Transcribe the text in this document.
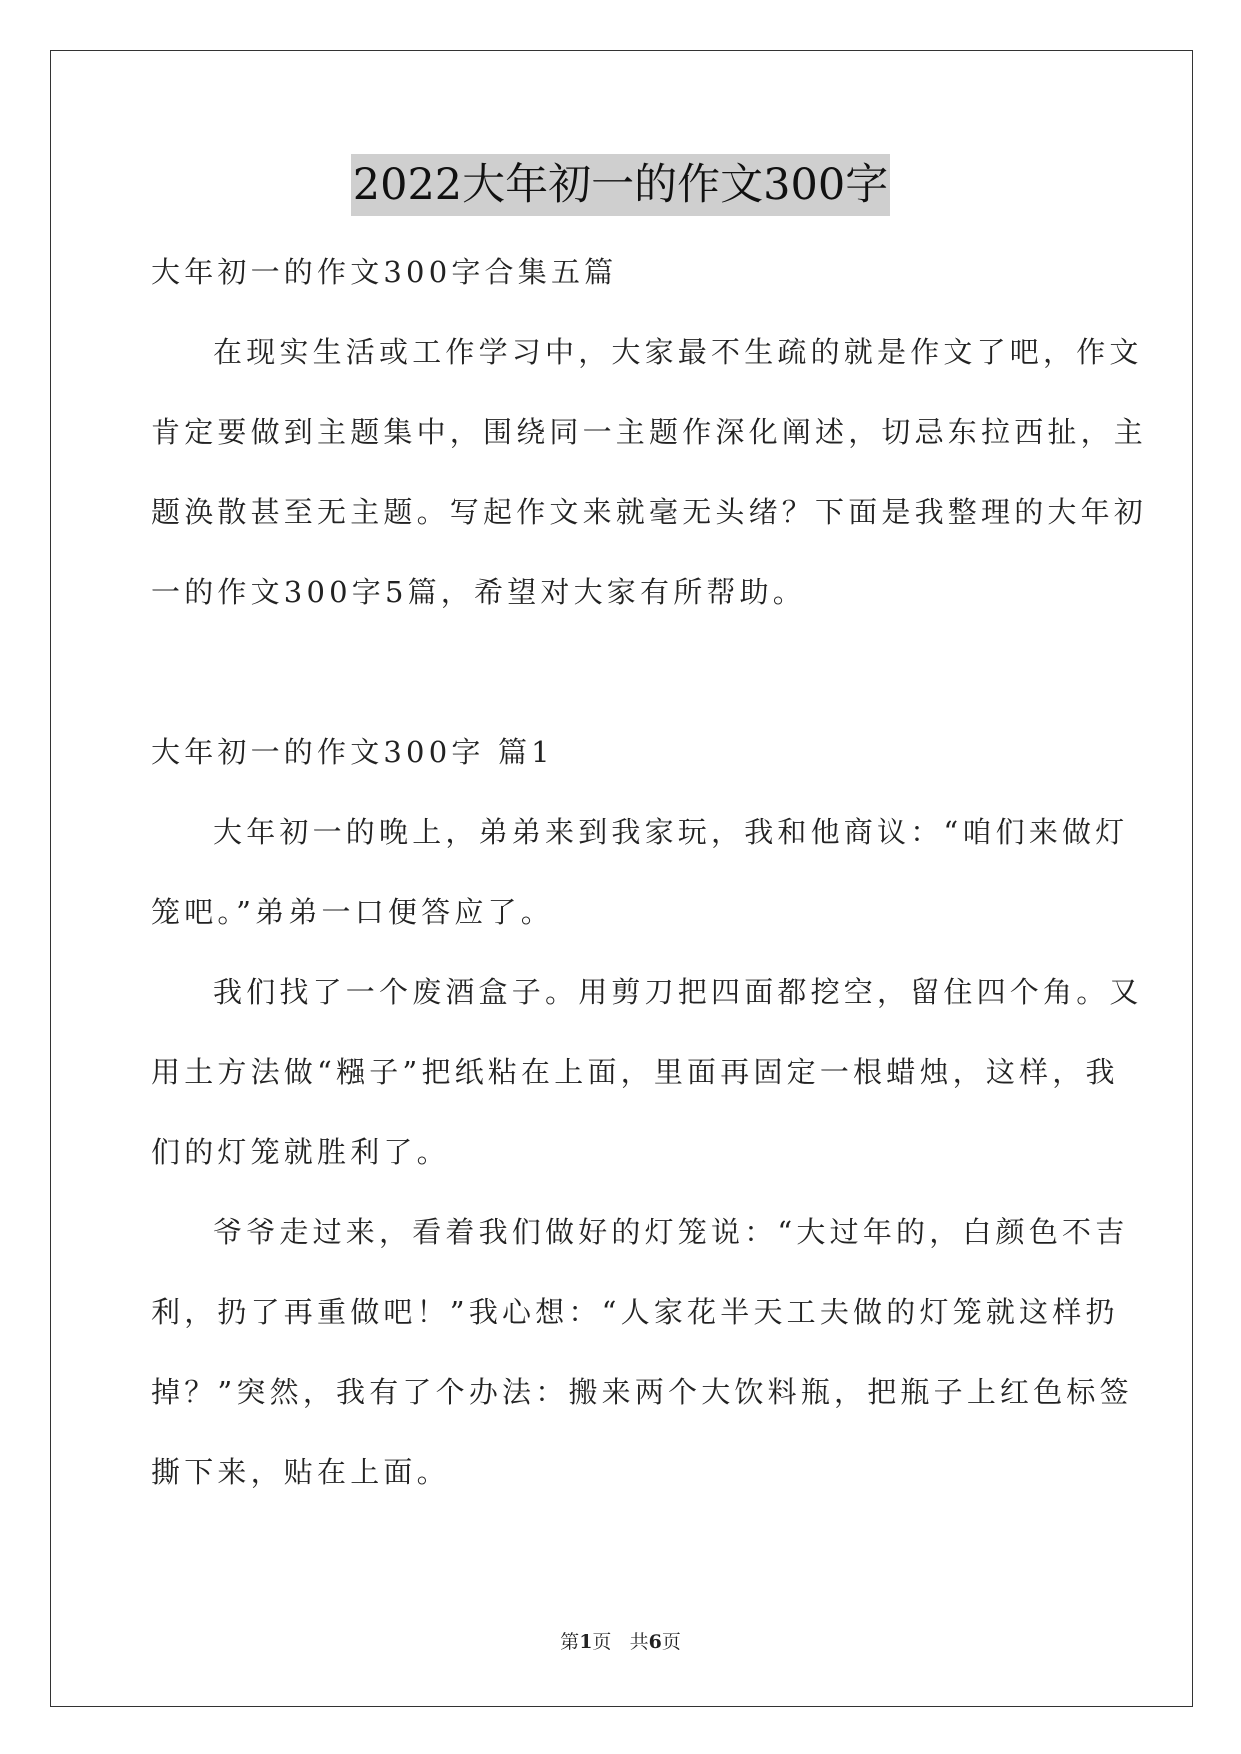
2022大年初一的作文300字
大年初一的作文300字合集五篇
在现实生活或工作学习中，大家最不生疏的就是作文了吧，作文
肯定要做到主题集中，围绕同一主题作深化阐述，切忌东拉西扯，主
题涣散甚至无主题。写起作文来就毫无头绪？下面是我整理的大年初
一的作文300字5篇，希望对大家有所帮助。
大年初一的作文300字 篇1
大年初一的晚上，弟弟来到我家玩，我和他商议：“咱们来做灯
笼吧。”弟弟一口便答应了。
我们找了一个废酒盒子。用剪刀把四面都挖空，留住四个角。又
用土方法做“糨子”把纸粘在上面，里面再固定一根蜡烛，这样，我
们的灯笼就胜利了。
爷爷走过来，看着我们做好的灯笼说：“大过年的，白颜色不吉
利，扔了再重做吧！”我心想：“人家花半天工夫做的灯笼就这样扔
掉？”突然，我有了个办法：搬来两个大饮料瓶，把瓶子上红色标签
撕下来，贴在上面。
第1页 共6页
